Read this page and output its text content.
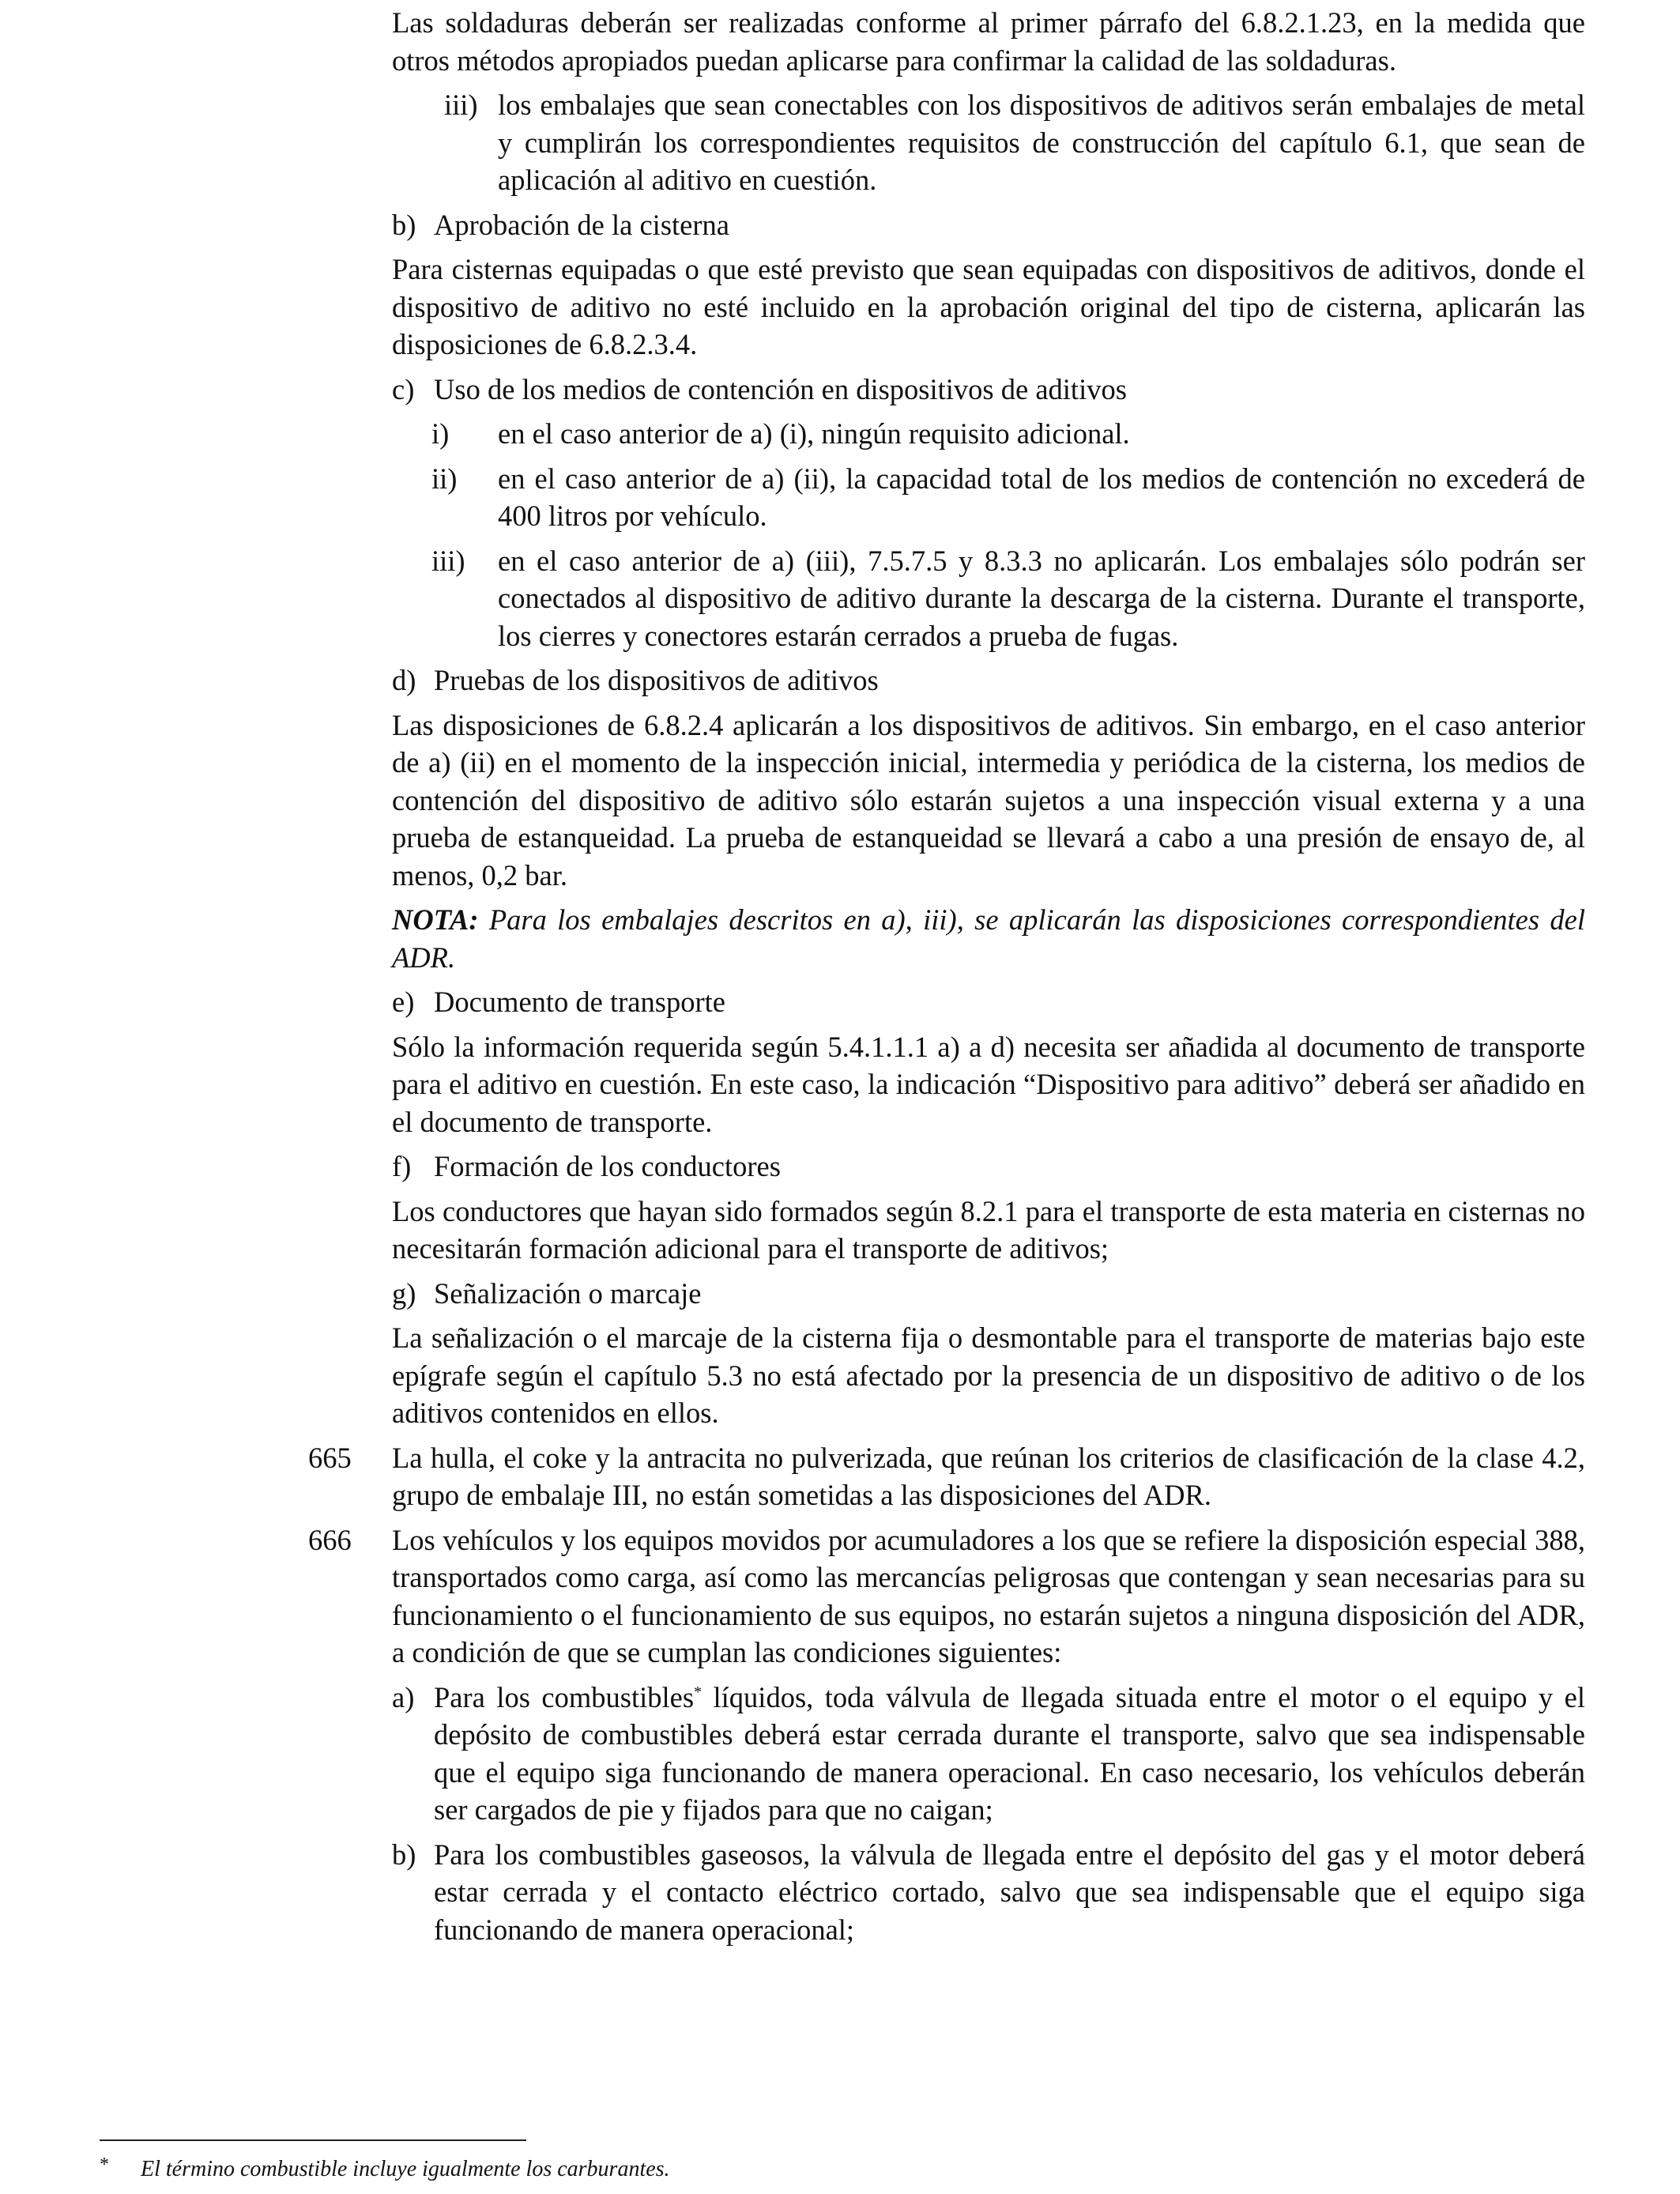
Las soldaduras deberán ser realizadas conforme al primer párrafo del 6.8.2.1.23, en la medida que otros métodos apropiados puedan aplicarse para confirmar la calidad de las soldaduras.

iii) los embalajes que sean conectables con los dispositivos de aditivos serán embalajes de metal y cumplirán los correspondientes requisitos de construcción del capítulo 6.1, que sean de aplicación al aditivo en cuestión.

b) Aprobación de la cisterna

Para cisternas equipadas o que esté previsto que sean equipadas con dispositivos de aditivos, donde el dispositivo de aditivo no esté incluido en la aprobación original del tipo de cisterna, aplicarán las disposiciones de 6.8.2.3.4.

c) Uso de los medios de contención en dispositivos de aditivos

i) en el caso anterior de a) (i), ningún requisito adicional.

ii) en el caso anterior de a) (ii), la capacidad total de los medios de contención no excederá de 400 litros por vehículo.

iii) en el caso anterior de a) (iii), 7.5.7.5 y 8.3.3 no aplicarán. Los embalajes sólo podrán ser conectados al dispositivo de aditivo durante la descarga de la cisterna. Durante el transporte, los cierres y conectores estarán cerrados a prueba de fugas.

d) Pruebas de los dispositivos de aditivos

Las disposiciones de 6.8.2.4 aplicarán a los dispositivos de aditivos. Sin embargo, en el caso anterior de a) (ii) en el momento de la inspección inicial, intermedia y periódica de la cisterna, los medios de contención del dispositivo de aditivo sólo estarán sujetos a una inspección visual externa y a una prueba de estanqueidad. La prueba de estanqueidad se llevará a cabo a una presión de ensayo de, al menos, 0,2 bar.

NOTA: Para los embalajes descritos en a), iii), se aplicarán las disposiciones correspondientes del ADR.

e) Documento de transporte

Sólo la información requerida según 5.4.1.1.1 a) a d) necesita ser añadida al documento de transporte para el aditivo en cuestión. En este caso, la indicación “Dispositivo para aditivo” deberá ser añadido en el documento de transporte.

f) Formación de los conductores

Los conductores que hayan sido formados según 8.2.1 para el transporte de esta materia en cisternas no necesitarán formación adicional para el transporte de aditivos;

g) Señalización o marcaje

La señalización o el marcaje de la cisterna fija o desmontable para el transporte de materias bajo este epígrafe según el capítulo 5.3 no está afectado por la presencia de un dispositivo de aditivo o de los aditivos contenidos en ellos.

665 La hulla, el coke y la antracita no pulverizada, que reúnan los criterios de clasificación de la clase 4.2, grupo de embalaje III, no están sometidas a las disposiciones del ADR.

666 Los vehículos y los equipos movidos por acumuladores a los que se refiere la disposición especial 388, transportados como carga, así como las mercancías peligrosas que contengan y sean necesarias para su funcionamiento o el funcionamiento de sus equipos, no estarán sujetos a ninguna disposición del ADR, a condición de que se cumplan las condiciones siguientes:

a) Para los combustibles* líquidos, toda válvula de llegada situada entre el motor o el equipo y el depósito de combustibles deberá estar cerrada durante el transporte, salvo que sea indispensable que el equipo siga funcionando de manera operacional. En caso necesario, los vehículos deberán ser cargados de pie y fijados para que no caigan;

b) Para los combustibles gaseosos, la válvula de llegada entre el depósito del gas y el motor deberá estar cerrada y el contacto eléctrico cortado, salvo que sea indispensable que el equipo siga funcionando de manera operacional;

* El término combustible incluye igualmente los carburantes.
